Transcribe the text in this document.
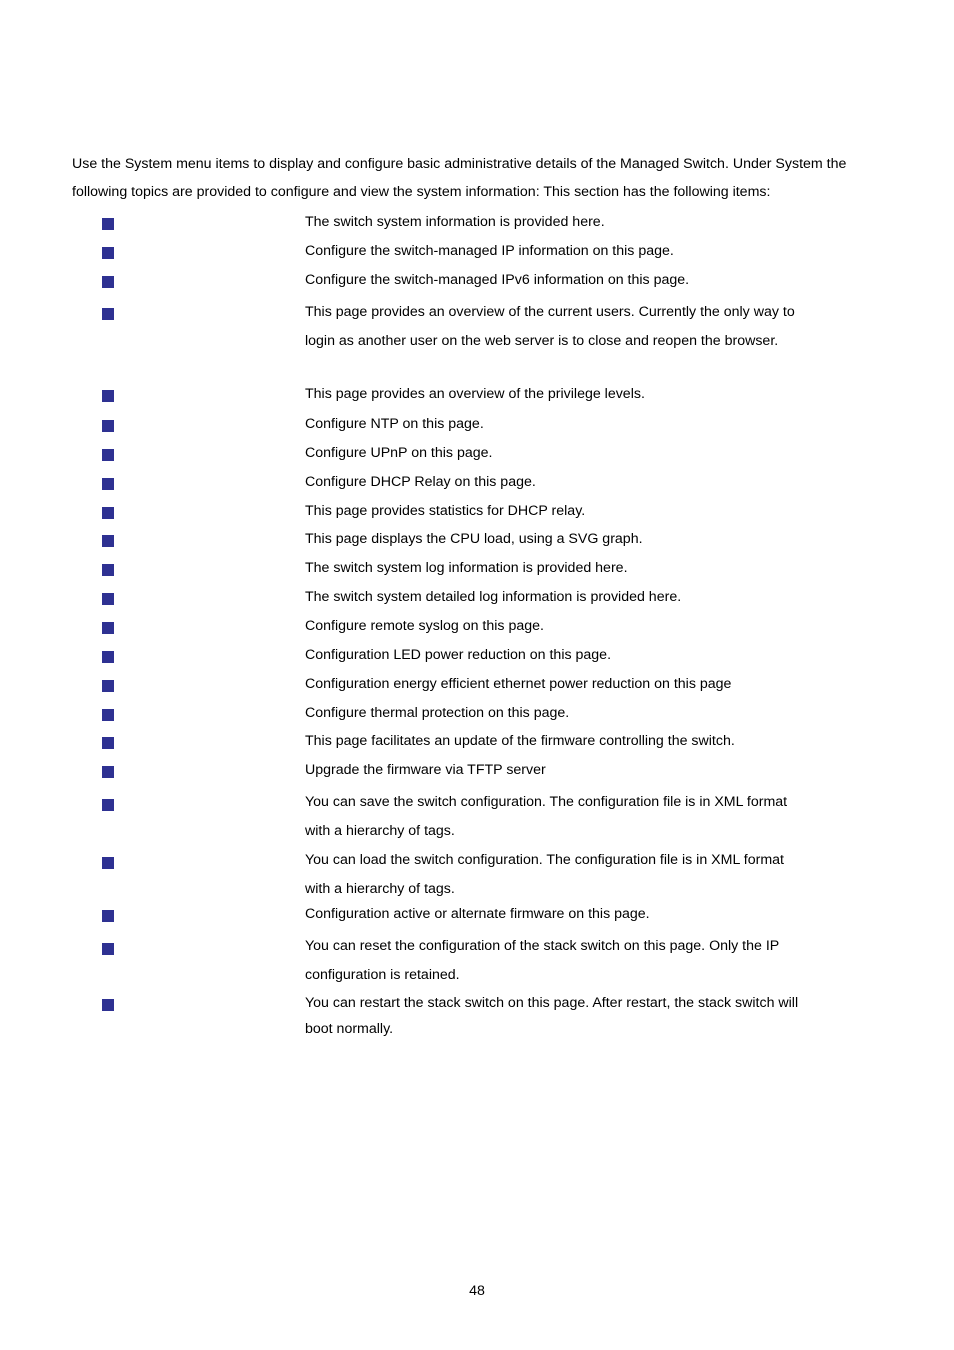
Use the System menu items to display and configure basic administrative details of the Managed Switch. Under System the following topics are provided to configure and view the system information: This section has the following items:

The switch system information is provided here.

Configure the switch-managed IP information on this page.

Configure the switch-managed IPv6 information on this page.

This page provides an overview of the current users. Currently the only way to login as another user on the web server is to close and reopen the browser.

This page provides an overview of the privilege levels.

Configure NTP on this page.

Configure UPnP on this page.

Configure DHCP Relay on this page.

This page provides statistics for DHCP relay.

This page displays the CPU load, using a SVG graph.

The switch system log information is provided here.

The switch system detailed log information is provided here.

Configure remote syslog on this page.

Configuration LED power reduction on this page.

Configuration energy efficient ethernet power reduction on this page

Configure thermal protection on this page.

This page facilitates an update of the firmware controlling the switch.

Upgrade the firmware via TFTP server

You can save the switch configuration. The configuration file is in XML format with a hierarchy of tags.

You can load the switch configuration. The configuration file is in XML format with a hierarchy of tags.

Configuration active or alternate firmware on this page.

You can reset the configuration of the stack switch on this page. Only the IP configuration is retained.

You can restart the stack switch on this page. After restart, the stack switch will boot normally.

48
